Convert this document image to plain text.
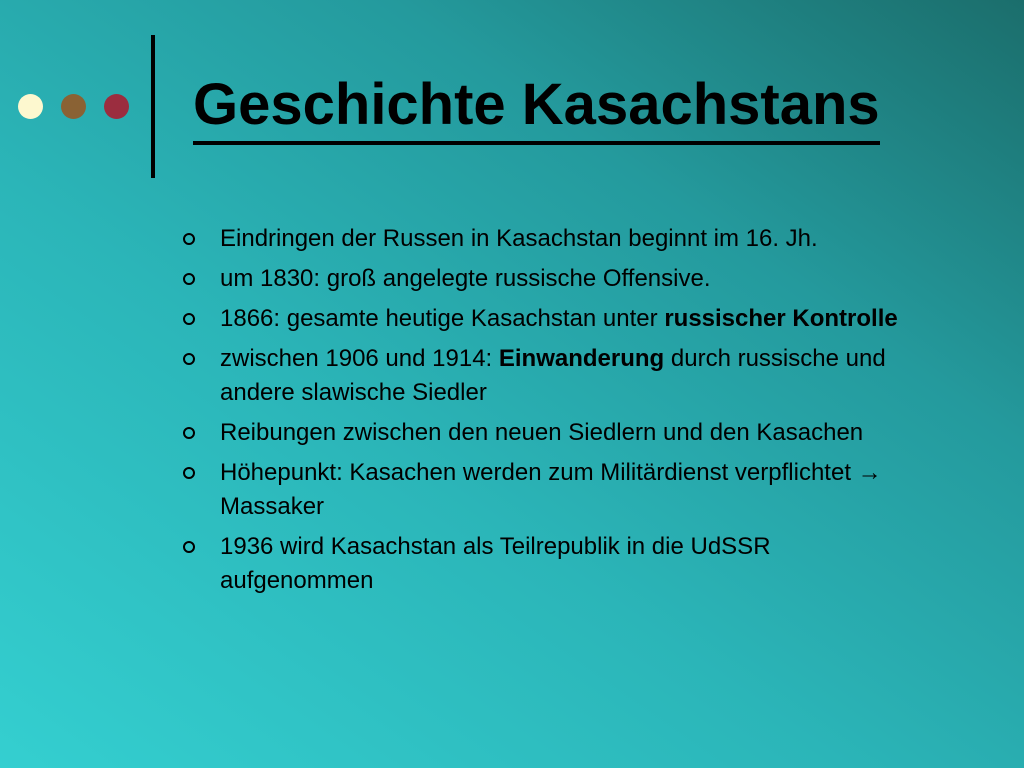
Geschichte Kasachstans
Eindringen der Russen in Kasachstan beginnt im 16. Jh.
um 1830: groß angelegte russische Offensive.
1866: gesamte heutige Kasachstan unter russischer Kontrolle
zwischen 1906 und 1914: Einwanderung durch russische und andere slawische Siedler
Reibungen zwischen den neuen Siedlern und den Kasachen
Höhepunkt: Kasachen werden zum Militärdienst verpflichtet → Massaker
1936 wird Kasachstan als Teilrepublik in die UdSSR aufgenommen
